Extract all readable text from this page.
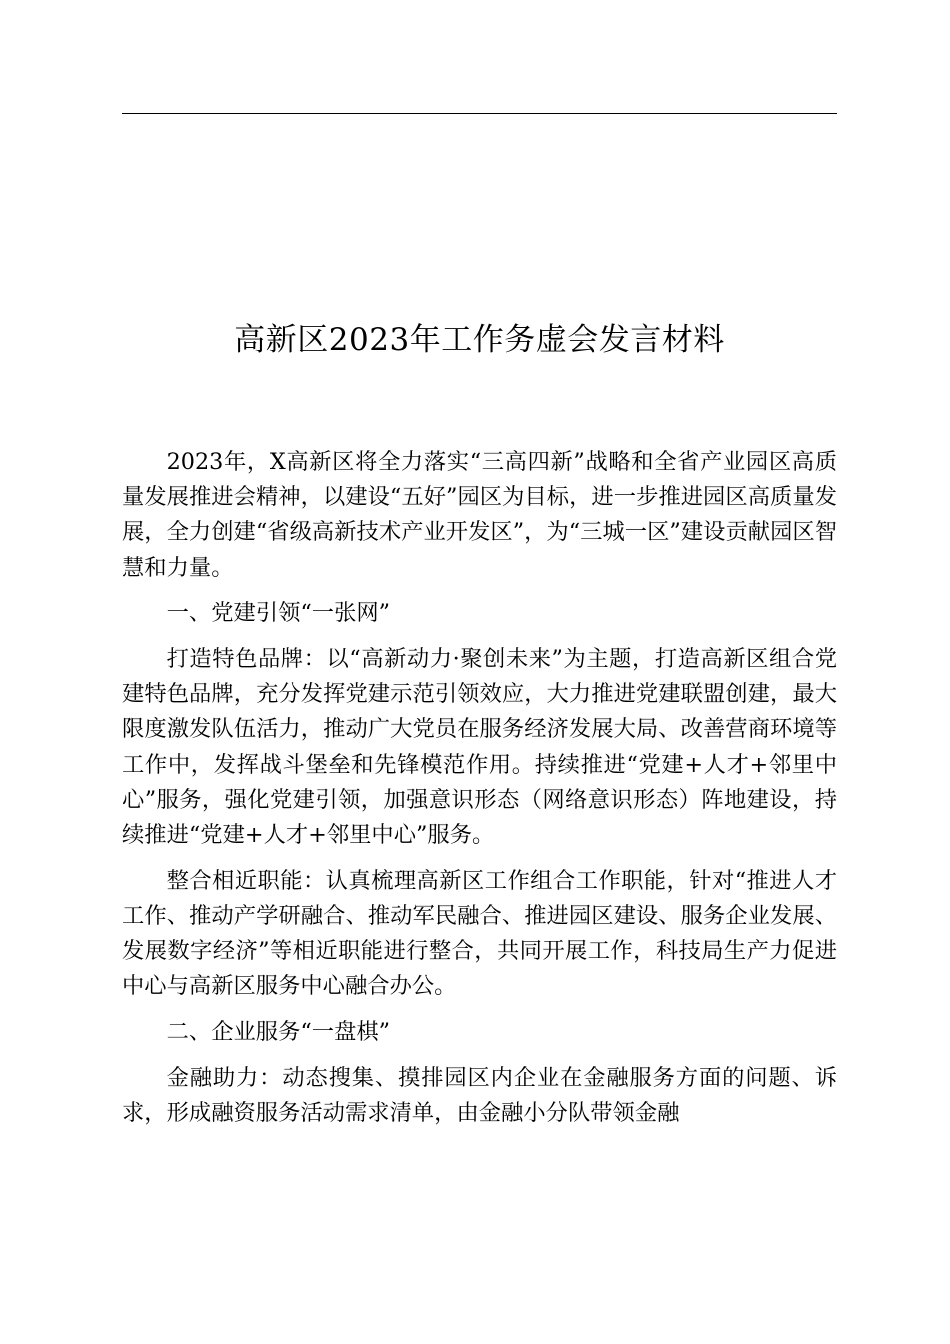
高新区2023年工作务虚会发言材料

2023年，X高新区将全力落实“三高四新”战略和全省产业园区高质量发展推进会精神，以建设“五好”园区为目标，进一步推进园区高质量发展，全力创建“省级高新技术产业开发区”，为“三城一区”建设贡献园区智慧和力量。

一、党建引领“一张网”

打造特色品牌：以“高新动力·聚创未来”为主题，打造高新区组合党建特色品牌，充分发挥党建示范引领效应，大力推进党建联盟创建，最大限度激发队伍活力，推动广大党员在服务经济发展大局、改善营商环境等工作中，发挥战斗堡垒和先锋模范作用。持续推进“党建+人才+邻里中心”服务，强化党建引领，加强意识形态（网络意识形态）阵地建设，持续推进“党建+人才+邻里中心”服务。

整合相近职能：认真梳理高新区工作组合工作职能，针对“推进人才工作、推动产学研融合、推动军民融合、推进园区建设、服务企业发展、发展数字经济”等相近职能进行整合，共同开展工作，科技局生产力促进中心与高新区服务中心融合办公。

二、企业服务“一盘棋”

金融助力：动态搜集、摸排园区内企业在金融服务方面的问题、诉求，形成融资服务活动需求清单，由金融小分队带领金融
